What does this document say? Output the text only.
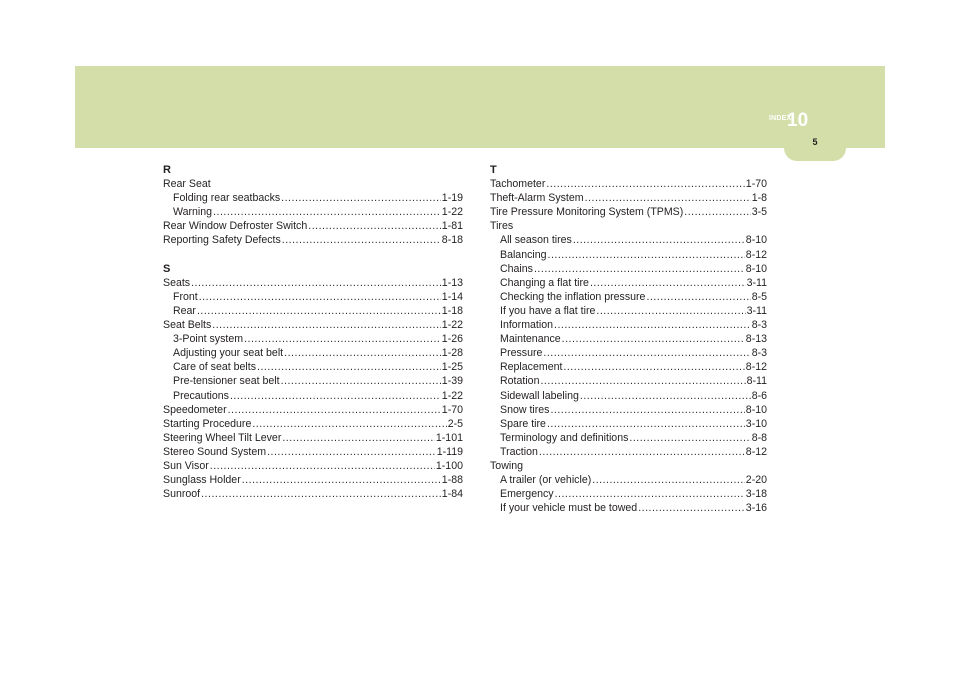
INDEX
10
5
R
Rear Seat
Folding rear seatbacks .....	1-19
Warning .....	1-22
Rear Window Defroster Switch .....	1-81
Reporting Safety Defects .....	8-18
S
Seats .....	1-13
Front .....	1-14
Rear .....	1-18
Seat Belts .....	1-22
3-Point system .....	1-26
Adjusting your seat belt .....	1-28
Care of seat belts .....	1-25
Pre-tensioner seat belt .....	1-39
Precautions .....	1-22
Speedometer .....	1-70
Starting Procedure .....	2-5
Steering Wheel Tilt Lever .....	1-101
Stereo Sound System .....	1-119
Sun Visor .....	1-100
Sunglass Holder .....	1-88
Sunroof .....	1-84
T
Tachometer .....	1-70
Theft-Alarm System .....	1-8
Tire Pressure Monitoring System (TPMS) .....	3-5
Tires
All season tires .....	8-10
Balancing .....	8-12
Chains .....	8-10
Changing a flat tire .....	3-11
Checking the inflation pressure .....	8-5
If you have a flat tire .....	3-11
Information .....	8-3
Maintenance .....	8-13
Pressure .....	8-3
Replacement .....	8-12
Rotation .....	8-11
Sidewall labeling .....	8-6
Snow tires .....	8-10
Spare tire .....	3-10
Terminology and definitions .....	8-8
Traction .....	8-12
Towing
A trailer (or vehicle) .....	2-20
Emergency .....	3-18
If your vehicle must be towed .....	3-16
